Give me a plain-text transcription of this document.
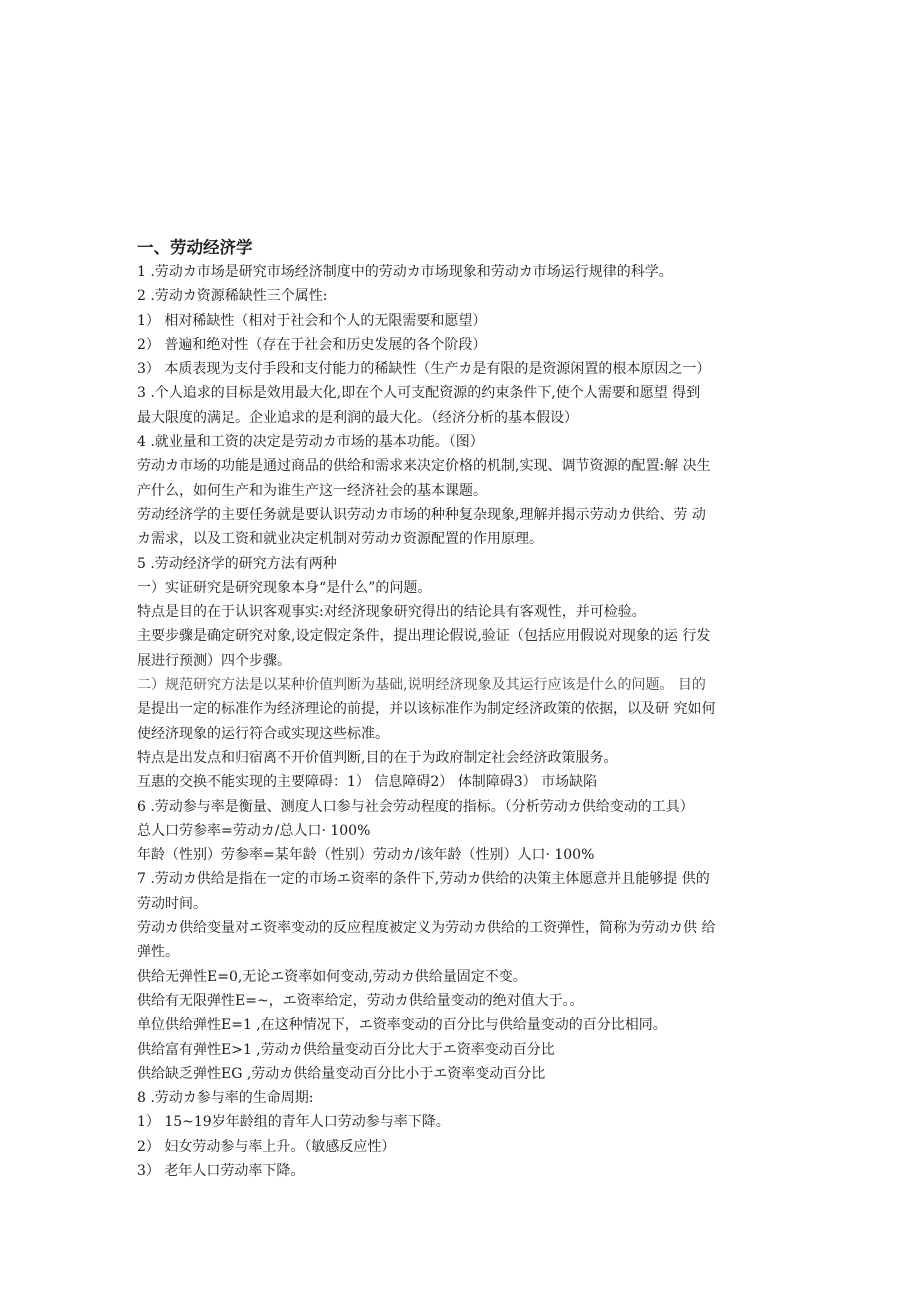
一、劳动经济学
1 .劳动カ市场是研究市场经济制度中的劳动カ市场现象和劳动カ市场运行规律的科学。
2 .劳动カ资源稀缺性三个属性:
1） 相对稀缺性（相对于社会和个人的无限需要和愿望）
2） 普遍和绝对性（存在于社会和历史发展的各个阶段）
3） 本质表现为支付手段和支付能力的稀缺性（生产カ是有限的是资源闲置的根本原因之一）
3 .个人追求的目标是效用最大化,即在个人可支配资源的约束条件下,使个人需要和愿望 得到
最大限度的满足。企业追求的是利润的最大化。（经济分析的基本假设）
4 .就业量和工资的决定是劳动カ市场的基本功能。（图）
劳动カ市场的功能是通过商品的供给和需求来决定价格的机制,实现、调节资源的配置:解 决生
产什么，如何生产和为谁生产这一经济社会的基本课题。
劳动经济学的主要任务就是要认识劳动カ市场的种种复杂现象,理解并揭示劳动カ供给、劳 动
カ需求，以及工资和就业决定机制对劳动カ资源配置的作用原理。
5 .劳动经济学的研究方法有两种
一）实证研究是研究现象本身“是什么”的问题。
特点是目的在于认识客观事实:对经济现象研究得出的结论具有客观性，并可检验。
主要步骤是确定研究对象,设定假定条件，提出理论假说,验证（包括应用假说对现象的运 行发
展进行预测）四个步骤。
二）规范研究方法是以某种价值判断为基础,说明经济现象及其运行应该是什么的问题。 目的
是提出一定的标准作为经济理论的前提，并以该标准作为制定经济政策的依据，以及研 究如何
使经济现象的运行符合或实现这些标准。
特点是出发点和归宿离不开价值判断,目的在于为政府制定社会经济政策服务。
互惠的交换不能实现的主要障碍：1） 信息障碍2） 体制障碍3） 市场缺陷
6 .劳动参与率是衡量、测度人口参与社会劳动程度的指标。（分析劳动カ供给变动的工具）
总人口劳参率=劳动カ/总人口· 100%
年龄（性别）劳参率=某年龄（性别）劳动カ/该年龄（性别）人口· 100%
7 .劳动カ供给是指在一定的市场エ资率的条件下,劳动カ供给的决策主体愿意并且能够提 供的
劳动时间。
劳动カ供给变量对エ资率变动的反应程度被定义为劳动カ供给的工资弹性，简称为劳动カ供 给
弹性。
供给无弹性E=0,无论エ资率如何变动,劳动カ供给量固定不变。
供给有无限弹性E=~，エ资率给定，劳动カ供给量变动的绝对值大于。。
单位供给弹性E=1 ,在这种情况下，エ资率变动的百分比与供给量变动的百分比相同。
供给富有弹性E>1 ,劳动カ供给量变动百分比大于エ资率变动百分比
供给缺乏弹性EG ,劳动カ供给量变动百分比小于エ资率变动百分比
8 .劳动カ参与率的生命周期:
1） 15~19岁年龄组的青年人口劳动参与率下降。
2） 妇女劳动参与率上升。（敏感反应性）
3） 老年人口劳动率下降。
